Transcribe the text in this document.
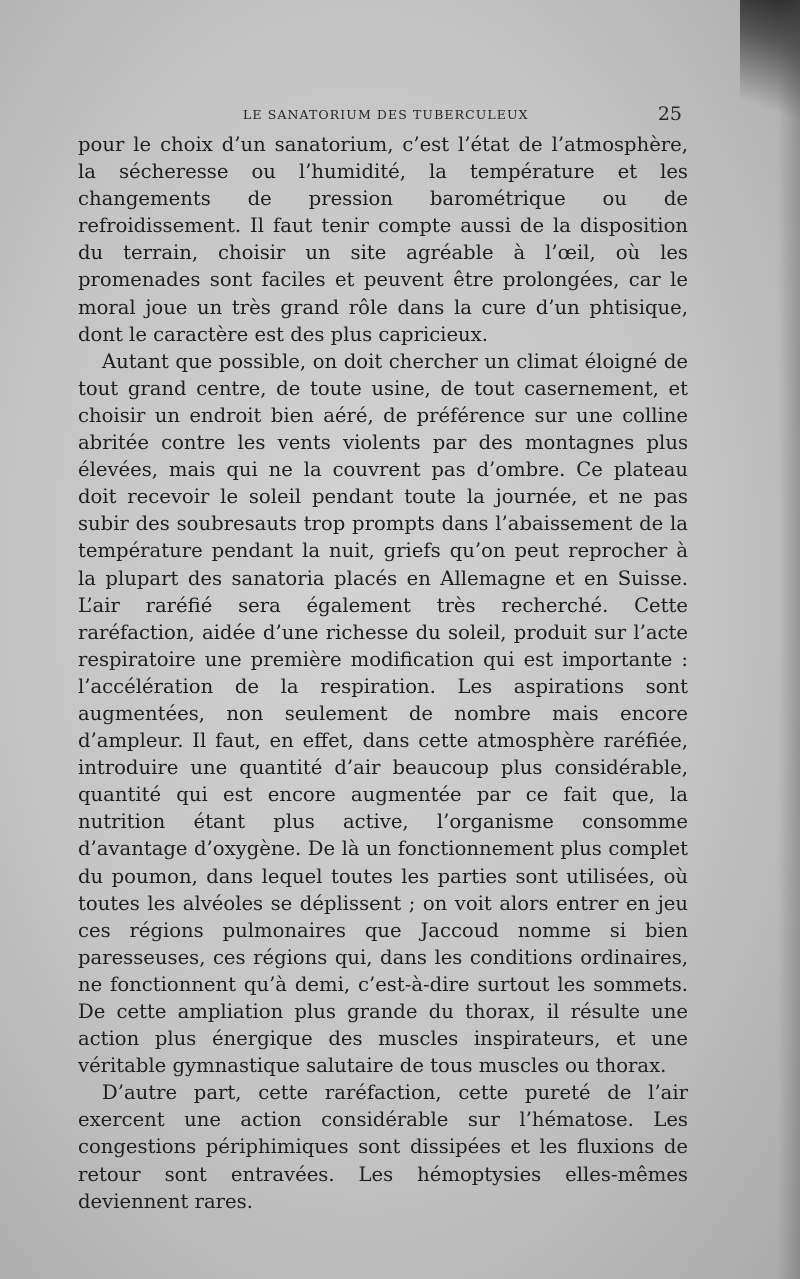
LE SANATORIUM DES TUBERCULEUX	25

pour le choix d’un sanatorium, c’est l’état de l’atmosphère, la sécheresse ou l’humidité, la température et les changements de pression barométrique ou de refroidissement. Il faut tenir compte aussi de la disposition du terrain, choisir un site agréable à l’œil, où les promenades sont faciles et peuvent être prolongées, car le moral joue un très grand rôle dans la cure d’un phtisique, dont le caractère est des plus capricieux.

Autant que possible, on doit chercher un climat éloigné de tout grand centre, de toute usine, de tout casernement, et choisir un endroit bien aéré, de préférence sur une colline abritée contre les vents violents par des montagnes plus élevées, mais qui ne la couvrent pas d’ombre. Ce plateau doit recevoir le soleil pendant toute la journée, et ne pas subir des soubresauts trop prompts dans l’abaissement de la température pendant la nuit, griefs qu’on peut reprocher à la plupart des sanatoria placés en Allemagne et en Suisse. L’air raréfié sera également très recherché. Cette raréfaction, aidée d’une richesse du soleil, produit sur l’acte respiratoire une première modification qui est importante : l’accélération de la respiration. Les aspirations sont augmentées, non seulement de nombre mais encore d’ampleur. Il faut, en effet, dans cette atmosphère raréfiée, introduire une quantité d’air beaucoup plus considérable, quantité qui est encore augmentée par ce fait que, la nutrition étant plus active, l’organisme consomme d’avantage d’oxygène. De là un fonctionnement plus complet du poumon, dans lequel toutes les parties sont utilisées, où toutes les alvéoles se déplissent ; on voit alors entrer en jeu ces régions pulmonaires que Jaccoud nomme si bien paresseuses, ces régions qui, dans les conditions ordinaires, ne fonctionnent qu’à demi, c’est-à-dire surtout les sommets. De cette ampliation plus grande du thorax, il résulte une action plus énergique des muscles inspirateurs, et une véritable gymnastique salutaire de tous muscles ou thorax.

D’autre part, cette raréfaction, cette pureté de l’air exercent une action considérable sur l’hématose. Les congestions périphimiques sont dissipées et les fluxions de retour sont entravées. Les hémoptysies elles-mêmes deviennent rares.
